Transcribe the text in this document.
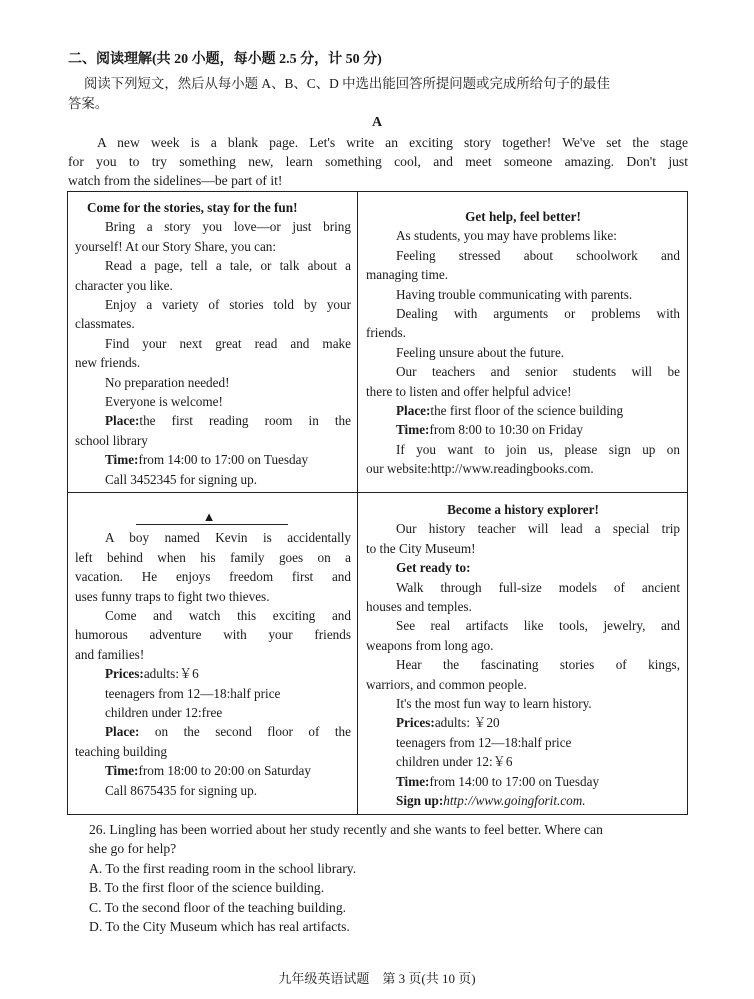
二、阅读理解(共 20 小题，每小题 2.5 分，计 50 分)
阅读下列短文，然后从每小题 A、B、C、D 中选出能回答所提问题或完成所给句子的最佳
答案。
A
A new week is a blank page. Let's write an exciting story together! We've set the stage
for you to try something new, learn something cool, and meet someone amazing. Don't just
watch from the sidelines—be part of it!

Come for the stories, stay for the fun!

Bring a story you love—or just bring

yourself! At our Story Share, you can:

Read a page, tell a tale, or talk about a

character you like.

Enjoy a variety of stories told by your

classmates.

Find your next great read and make

new friends.

No preparation needed!

Everyone is welcome!

Place:the first reading room in the

school library

Time:from 14:00 to 17:00 on Tuesday

Call 3452345 for signing up.

Get help, feel better!

As students, you may have problems like:

Feeling stressed about schoolwork and

managing time.

Having trouble communicating with parents.

Dealing with arguments or problems with

friends.

Feeling unsure about the future.

Our teachers and senior students will be

there to listen and offer helpful advice!

Place:the first floor of the science building

Time:from 8:00 to 10:30 on Friday

If you want to join us, please sign up on

our website:http://www.readingbooks.com.

▲

A boy named Kevin is accidentally

left behind when his family goes on a

vacation. He enjoys freedom first and

uses funny traps to fight two thieves.

Come and watch this exciting and

humorous adventure with your friends

and families!

Prices:adults:￥6

teenagers from 12—18:half price

children under 12:free

Place: on the second floor of the

teaching building

Time:from 18:00 to 20:00 on Saturday

Call 8675435 for signing up.

Become a history explorer!

Our history teacher will lead a special trip

to the City Museum!

Get ready to:

Walk through full-size models of ancient

houses and temples.

See real artifacts like tools, jewelry, and

weapons from long ago.

Hear the fascinating stories of kings,

warriors, and common people.

It's the most fun way to learn history.

Prices:adults: ￥20

teenagers from 12—18:half price

children under 12:￥6

Time:from 14:00 to 17:00 on Tuesday

Sign up:http://www.goingforit.com.

26. Lingling has been worried about her study recently and she wants to feel better. Where can
she go for help?
A. To the first reading room in the school library.
B. To the first floor of the science building.
C. To the second floor of the teaching building.
D. To the City Museum which has real artifacts.
九年级英语试题　第 3 页(共 10 页)
